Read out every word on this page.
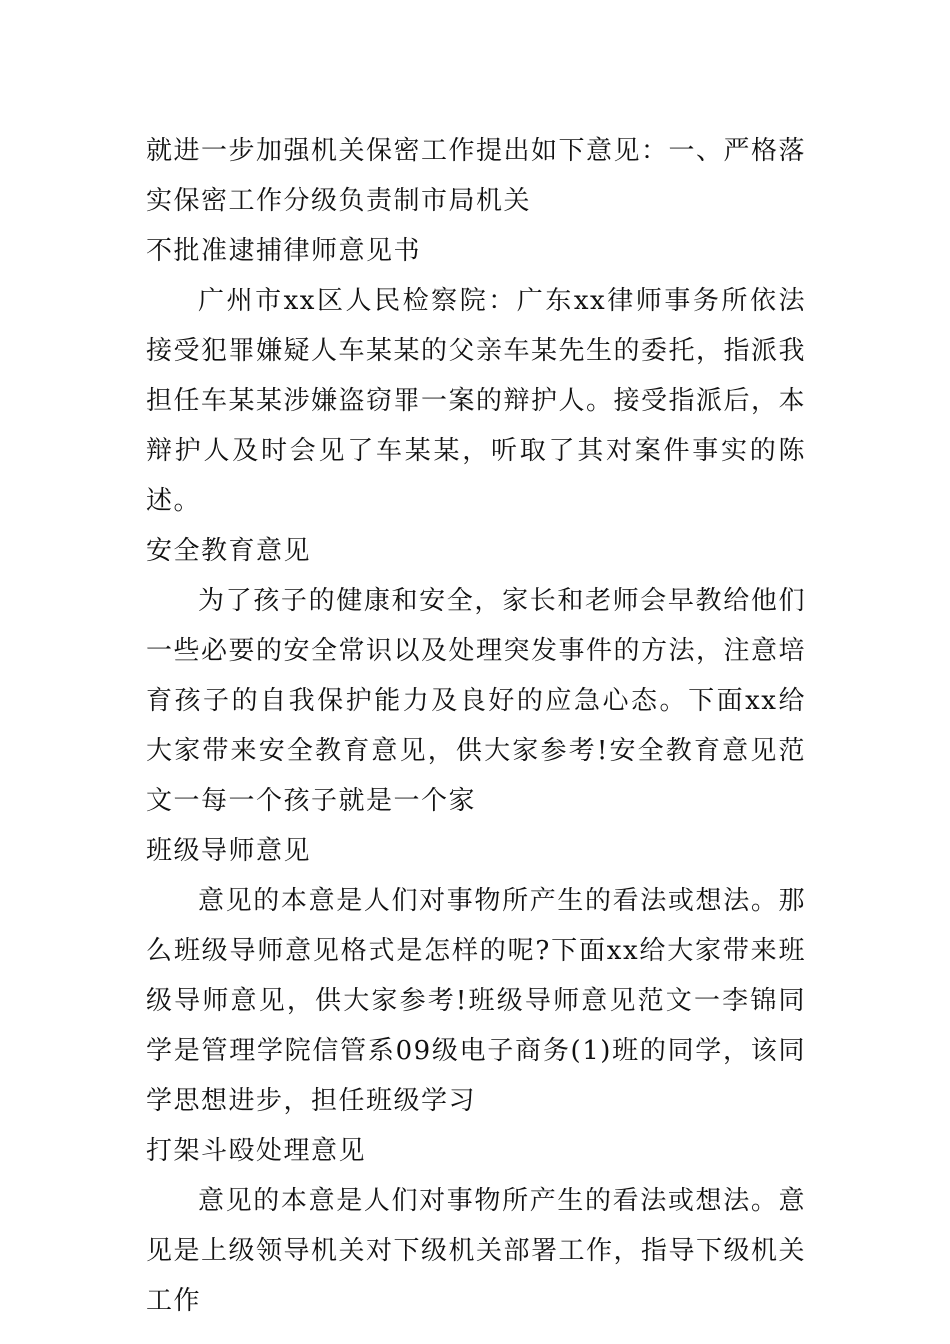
就进一步加强机关保密工作提出如下意见：一、严格落实保密工作分级负责制市局机关

不批准逮捕律师意见书

广州市xx区人民检察院：广东xx律师事务所依法接受犯罪嫌疑人车某某的父亲车某先生的委托，指派我担任车某某涉嫌盗窃罪一案的辩护人。接受指派后，本辩护人及时会见了车某某，听取了其对案件事实的陈述。

安全教育意见

为了孩子的健康和安全，家长和老师会早教给他们一些必要的安全常识以及处理突发事件的方法，注意培育孩子的自我保护能力及良好的应急心态。下面xx给大家带来安全教育意见，供大家参考!安全教育意见范文一每一个孩子就是一个家

班级导师意见

意见的本意是人们对事物所产生的看法或想法。那么班级导师意见格式是怎样的呢?下面xx给大家带来班级导师意见，供大家参考!班级导师意见范文一李锦同学是管理学院信管系09级电子商务(1)班的同学，该同学思想进步，担任班级学习

打架斗殴处理意见

意见的本意是人们对事物所产生的看法或想法。意见是上级领导机关对下级机关部署工作，指导下级机关工作
